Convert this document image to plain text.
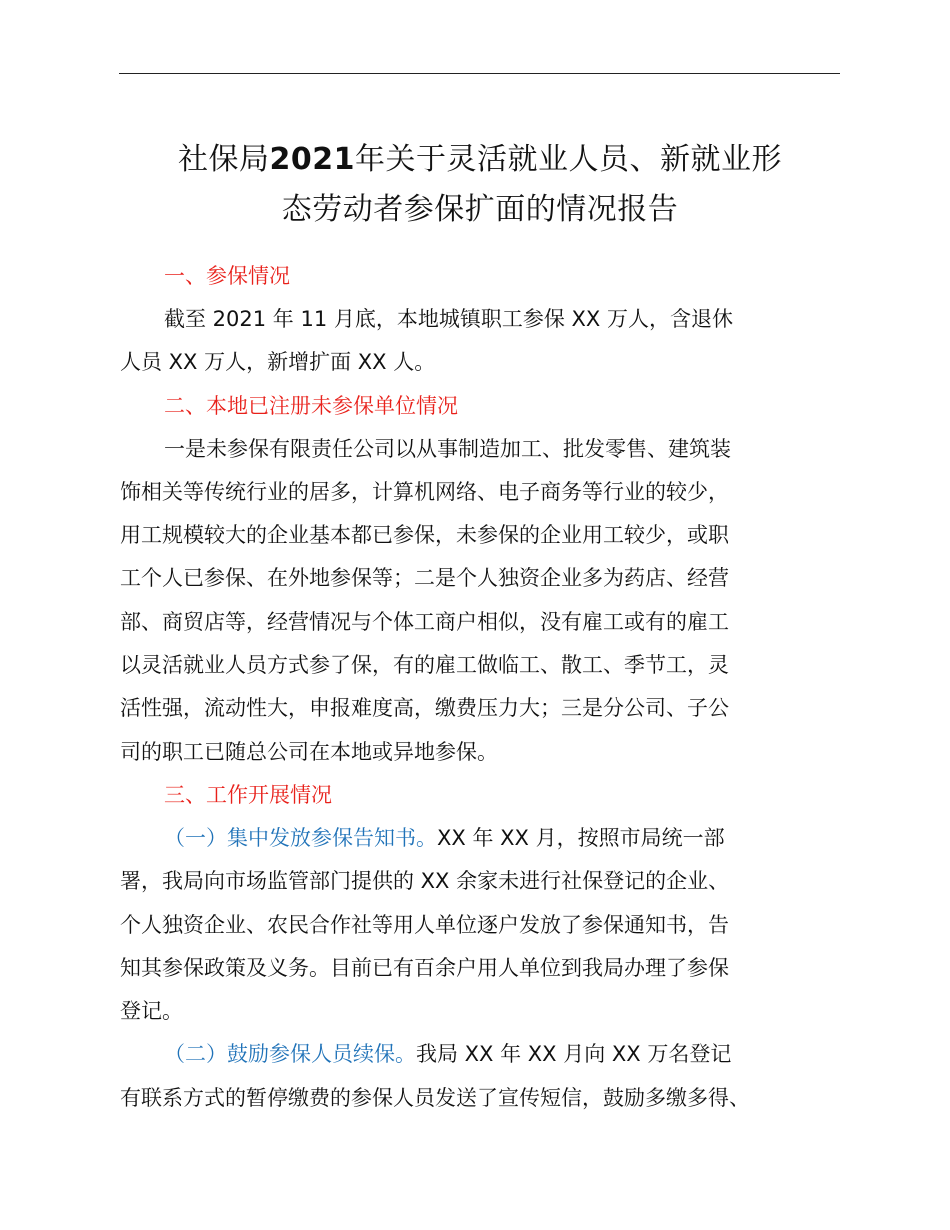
社保局2021年关于灵活就业人员、新就业形
态劳动者参保扩面的情况报告

一、参保情况

截至 2021 年 11 月底，本地城镇职工参保 XX 万人，含退休
人员 XX 万人，新增扩面 XX 人。

二、本地已注册未参保单位情况

一是未参保有限责任公司以从事制造加工、批发零售、建筑装
饰相关等传统行业的居多，计算机网络、电子商务等行业的较少，
用工规模较大的企业基本都已参保，未参保的企业用工较少，或职
工个人已参保、在外地参保等；二是个人独资企业多为药店、经营
部、商贸店等，经营情况与个体工商户相似，没有雇工或有的雇工
以灵活就业人员方式参了保，有的雇工做临工、散工、季节工，灵
活性强，流动性大，申报难度高，缴费压力大；三是分公司、子公
司的职工已随总公司在本地或异地参保。

三、工作开展情况

（一）集中发放参保告知书。XX 年 XX 月，按照市局统一部
署，我局向市场监管部门提供的 XX 余家未进行社保登记的企业、
个人独资企业、农民合作社等用人单位逐户发放了参保通知书，告
知其参保政策及义务。目前已有百余户用人单位到我局办理了参保
登记。

（二）鼓励参保人员续保。我局 XX 年 XX 月向 XX 万名登记
有联系方式的暂停缴费的参保人员发送了宣传短信，鼓励多缴多得、
